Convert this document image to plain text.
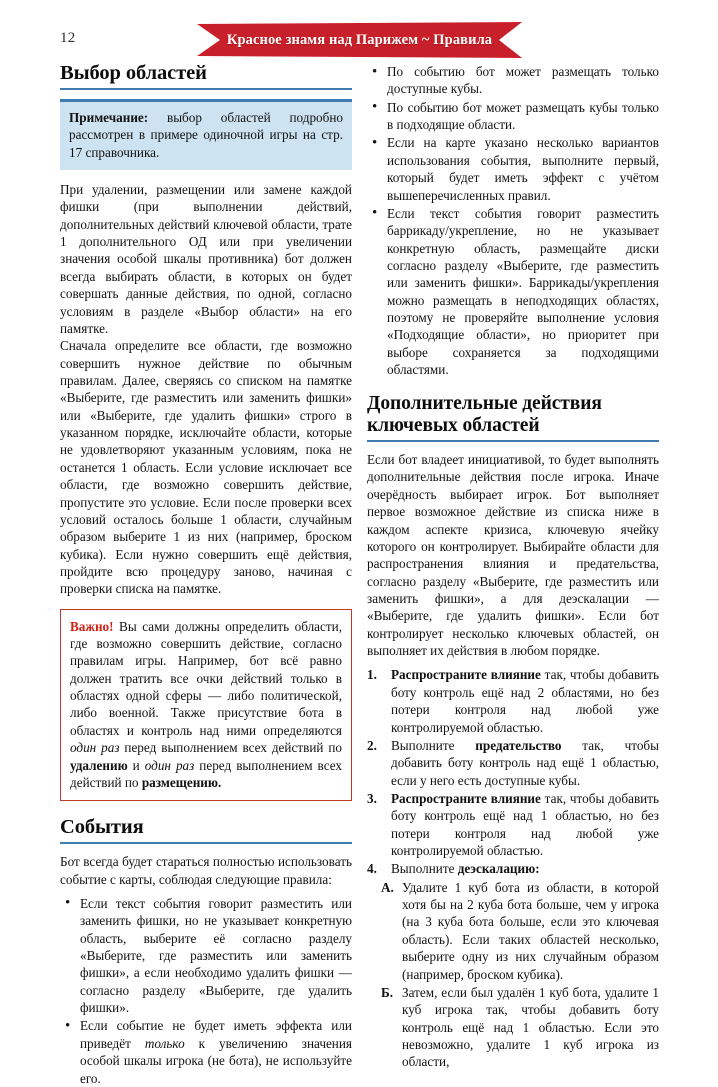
12	Красное знамя над Парижем ~ Правила
Выбор областей

Примечание: выбор областей подробно рассмотрен в примере одиночной игры на стр. 17 справочника.

При удалении, размещении или замене каждой фишки (при выполнении действий, дополнительных действий ключевой области, трате 1 дополнительного ОД или при увеличении значения особой шкалы противника) бот должен всегда выбирать области, в которых он будет совершать данные действия, по одной, согласно условиям в разделе «Выбор области» на его памятке.

Сначала определите все области, где возможно совершить нужное действие по обычным правилам. Далее, сверяясь со списком на памятке «Выберите, где разместить или заменить фишки» или «Выберите, где удалить фишки» строго в указанном порядке, исключайте области, которые не удовлетворяют указанным условиям, пока не останется 1 область. Если условие исключает все области, где возможно совершить действие, пропустите это условие. Если после проверки всех условий осталось больше 1 области, случайным образом выберите 1 из них (например, броском кубика). Если нужно совершить ещё действия, пройдите всю процедуру заново, начиная с проверки списка на памятке.

Важно! Вы сами должны определить области, где возможно совершить действие, согласно правилам игры. Например, бот всё равно должен тратить все очки действий только в областях одной сферы — либо политической, либо военной. Также присутствие бота в областях и контроль над ними определяются один раз перед выполнением всех действий по удалению и один раз перед выполнением всех действий по размещению.

События

Бот всегда будет стараться полностью использовать событие с карты, соблюдая следующие правила:

• Если текст события говорит разместить или заменить фишки, но не указывает конкретную область, выберите её согласно разделу «Выберите, где разместить или заменить фишки», а если необходимо удалить фишки — согласно разделу «Выберите, где удалить фишки».
• Если событие не будет иметь эффекта или приведёт только к увеличению значения особой шкалы игрока (не бота), не используйте его.
• По событию бот может размещать только доступные кубы.
• По событию бот может размещать кубы только в подходящие области.
• Если на карте указано несколько вариантов использования события, выполните первый, который будет иметь эффект с учётом вышеперечисленных правил.
• Если текст события говорит разместить баррикаду/укрепление, но не указывает конкретную область, размещайте диски согласно разделу «Выберите, где разместить или заменить фишки». Баррикады/укрепления можно размещать в неподходящих областях, поэтому не проверяйте выполнение условия «Подходящие области», но приоритет при выборе сохраняется за подходящими областями.
Дополнительные действия
ключевых областей

Если бот владеет инициативой, то будет выполнять дополнительные действия после игрока. Иначе очерёдность выбирает игрок. Бот выполняет первое возможное действие из списка ниже в каждом аспекте кризиса, ключевую ячейку которого он контролирует. Выбирайте области для распространения влияния и предательства, согласно разделу «Выберите, где разместить или заменить фишки», а для деэскалации — «Выберите, где удалить фишки». Если бот контролирует несколько ключевых областей, он выполняет их действия в любом порядке.

1.	Распространите влияние так, чтобы добавить боту контроль ещё над 2 областями, но без потери контроля над любой уже контролируемой областью.
2.	Выполните предательство так, чтобы добавить боту контроль над ещё 1 областью, если у него есть доступные кубы.
3.	Распространите влияние так, чтобы добавить боту контроль ещё над 1 областью, но без потери контроля над любой уже контролируемой областью.
4.	Выполните деэскалацию:
А. Удалите 1 куб бота из области, в которой хотя бы на 2 куба бота больше, чем у игрока (на 3 куба бота больше, если это ключевая область). Если таких областей несколько, выберите одну из них случайным образом (например, броском кубика).
Б. Затем, если был удалён 1 куб бота, удалите 1 куб игрока так, чтобы добавить боту контроль ещё над 1 областью. Если это невозможно, удалите 1 куб игрока из области,
